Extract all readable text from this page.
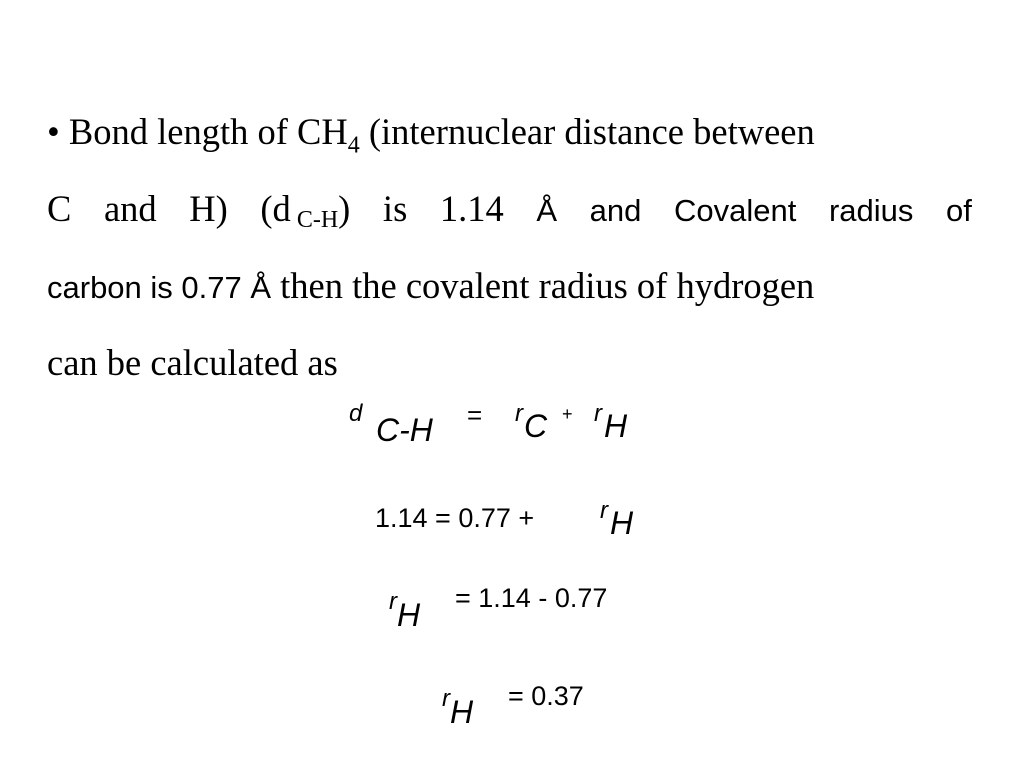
• Bond length of $CH_4$ (internuclear distance between
C and H) (d C-H) is 1.14 Å and Covalent radius of
carbon is 0.77 Å then the covalent radius of hydrogen
can be calculated as
d C-H = r C + r H
1.14 = 0.77 +	r H
r H = 1.14 - 0.77
r H = 0.37
